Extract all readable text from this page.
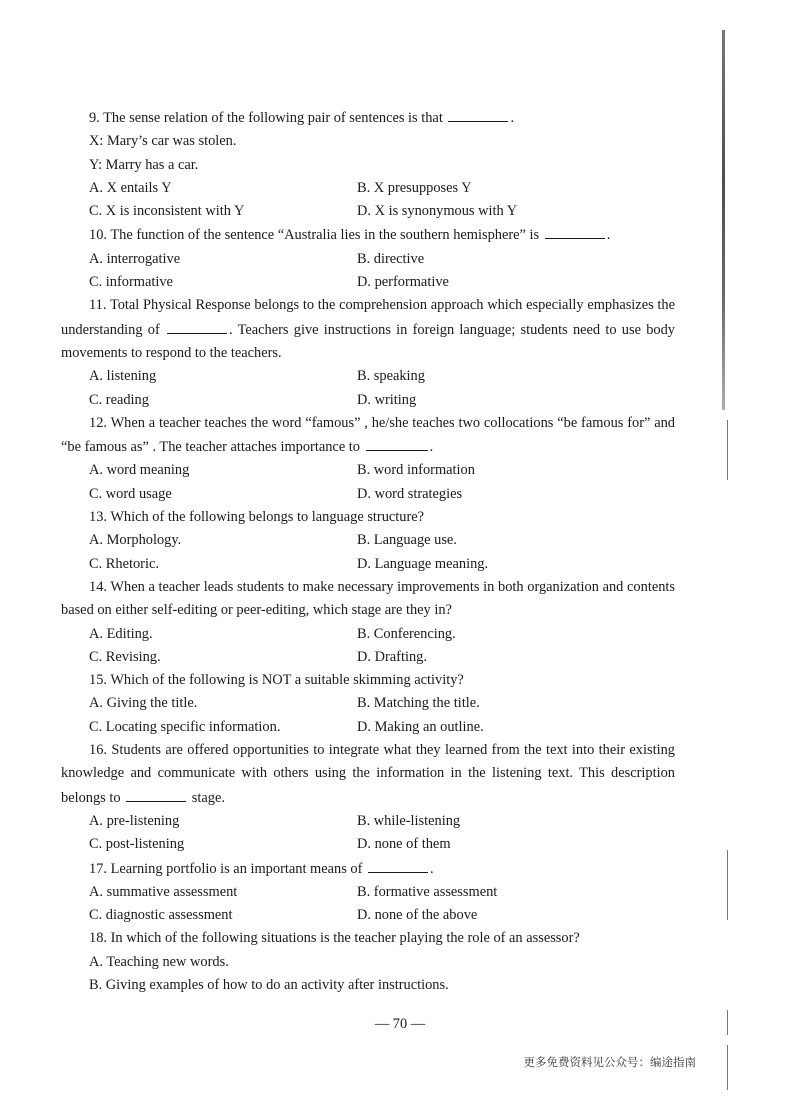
9. The sense relation of the following pair of sentences is that	.

X: Mary’s car was stolen.

Y: Marry has a car.

A. X entails Y	B. X presupposes Y
C. X is inconsistent with Y	D. X is synonymous with Y

10. The function of the sentence “Australia lies in the southern hemisphere” is	.

A. interrogative	B. directive
C. informative	D. performative

11. Total Physical Response belongs to the comprehension approach which especially emphasizes the understanding of	. Teachers give instructions in foreign language; students need to use body movements to respond to the teachers.

A. listening	B. speaking
C. reading	D. writing

12. When a teacher teaches the word “famous” , he/she teaches two collocations “be famous for” and “be famous as” . The teacher attaches importance to	.

A. word meaning	B. word information
C. word usage	D. word strategies

13. Which of the following belongs to language structure?

A. Morphology.	B. Language use.
C. Rhetoric.	D. Language meaning.

14. When a teacher leads students to make necessary improvements in both organization and contents based on either self-editing or peer-editing, which stage are they in?

A. Editing.	B. Conferencing.
C. Revising.	D. Drafting.

15. Which of the following is NOT a suitable skimming activity?

A. Giving the title.	B. Matching the title.
C. Locating specific information.	D. Making an outline.

16. Students are offered opportunities to integrate what they learned from the text into their existing knowledge and communicate with others using the information in the listening text. This description belongs to	stage.

A. pre-listening	B. while-listening
C. post-listening	D. none of them

17. Learning portfolio is an important means of	.

A. summative assessment	B. formative assessment
C. diagnostic assessment	D. none of the above

18. In which of the following situations is the teacher playing the role of an assessor?

A. Teaching new words.

B. Giving examples of how to do an activity after instructions.

— 70 —
更多免费资料见公众号：编途指南
